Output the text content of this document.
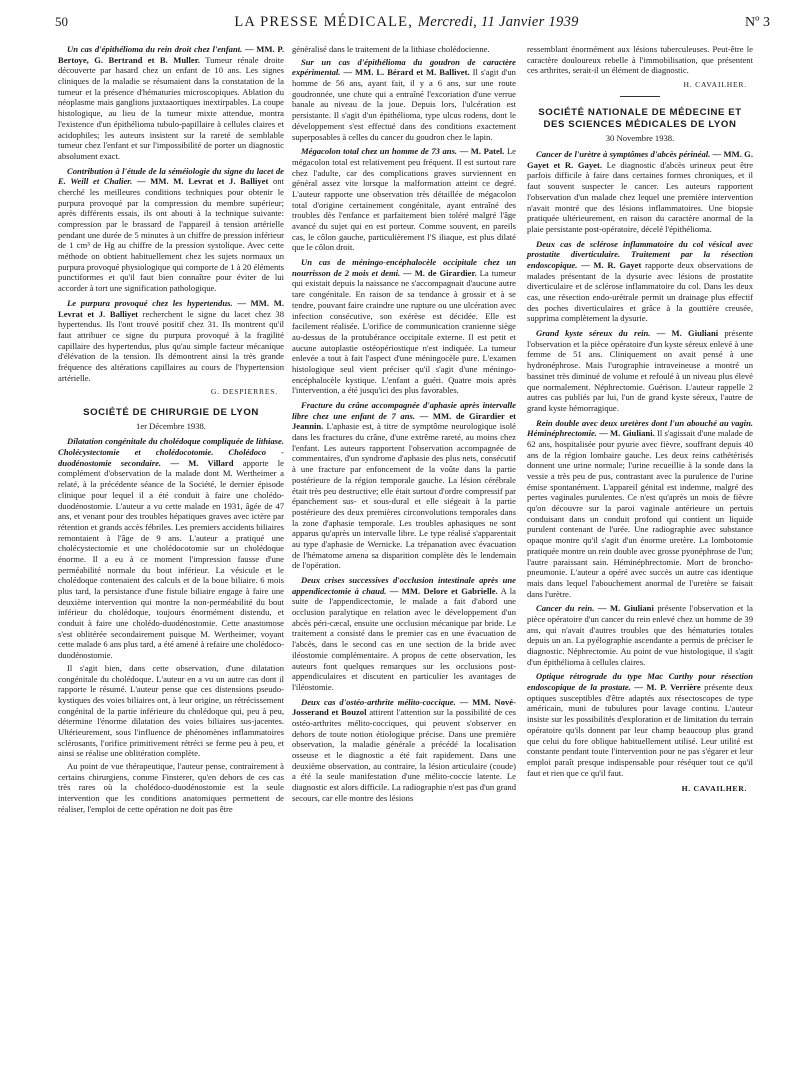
50	LA PRESSE MÉDICALE, Mercredi, 11 Janvier 1939	Nº 3

Un cas d'épithélioma du rein droit chez l'enfant. — MM. P. Bertoye, G. Bertrand et B. Muller. Tumeur rénale droite découverte par hasard chez un enfant de 10 ans. Les signes cliniques de la maladie se résumaient dans la constatation de la tumeur et la présence d'hématuries microscopiques. Ablation du néoplasme mais ganglions juxtaaortiques inextirpables. La coupe histologique, au lieu de la tumeur mixte attendue, montra l'existence d'un épithélioma tubulo-papillaire à cellules claires et acidophiles; les auteurs insistent sur la rareté de semblable tumeur chez l'enfant et sur l'impossibilité de porter un diagnostic absolument exact.

Contribution à l'étude de la séméiologie du signe du lacet de E. Weill et Chalier. — MM. M. Levrat et J. Balliyet ont cherché les meilleures conditions techniques pour obtenir le purpura provoqué par la compression du membre supérieur; après différents essais, ils ont abouti à la technique suivante: compression par le brassard de l'appareil à tension artérielle pendant une durée de 5 minutes à un chiffre de pression inférieur de 1 cm³ de Hg au chiffre de la pression systolique. Avec cette méthode on obtient habituellement chez les sujets normaux un purpura provoqué physiologique qui comporte de 1 à 20 éléments punctiformes et qu'il faut bien connaître pour éviter de lui accorder à tort une signification pathologique.

Le purpura provoqué chez les hypertendus. — MM. M. Levrat et J. Balliyet recherchent le signe du lacet chez 38 hypertendus. Ils l'ont trouvé positif chez 31. Ils montrent qu'il faut attribuer ce signe du purpura provoqué à la fragilité capillaire des hypertendus, plus qu'au simple facteur mécanique d'élévation de la tension. Ils démontrent ainsi la très grande fréquence des altérations capillaires au cours de l'hypertension artérielle.

G. DESPIERRES.
SOCIÉTÉ DE CHIRURGIE DE LYON
1er Décembre 1938.

Dilatation congénitale du cholédoque compliquée de lithiase. Cholécystectomie et cholédocotomie. Cholédoco - duodénostomie secondaire. — M. Villard apporte le complément d'observation de la malade dont M. Wertheimer a relaté, à la précédente séance de la Société, le dernier épisode clinique pour lequel il a été conduit à faire une cholédo-duodénostomie. L'auteur a vu cette malade en 1931, âgée de 47 ans, et venant pour des troubles hépatiques graves avec ictère par rétention et grands accès fébriles. Les premiers accidents biliaires remontaient à l'âge de 9 ans. L'auteur a pratiqué une cholécystectomie et une cholédocotomie sur un cholédoque énorme. Il a eu à ce moment l'impression fausse d'une perméabilité normale du bout inférieur. La vésicule et le cholédoque contenaient des calculs et de la boue biliaire. 6 mois plus tard, la persistance d'une fistule biliaire engage à faire une deuxième intervention qui montre la non-perméabilité du bout inférieur du cholédoque, toujours énormément distendu, et conduit à faire une cholédo-duodénostomie. Cette anastomose s'est oblitérée secondairement puisque M. Wertheimer, voyant cette malade 6 ans plus tard, a été amené à refaire une cholédoco-duodénostomie.

Il s'agit bien, dans cette observation, d'une dilatation congénitale du cholédoque. L'auteur en a vu un autre cas dont il rapporte le résumé. L'auteur pense que ces distensions pseudo-kystiques des voies biliaires ont, à leur origine, un rétrécissement congénital de la partie inférieure du cholédoque qui, peu à peu, détermine l'énorme dilatation des voies biliaires sus-jacentes. Ultérieurement, sous l'influence de phénomènes inflammatoires sclérosants, l'orifice primitivement rétréci se ferme peu à peu, et ainsi se réalise une oblitération complète.

Au point de vue thérapeutique, l'auteur pense, contrairement à certains chirurgiens, comme Finsterer, qu'en dehors de ces cas très rares où la cholédoco-duodénostomie est la seule intervention que les conditions anatomiques permettent de réaliser, l'emploi de cette opération ne doit pas être

généralisé dans le traitement de la lithiase cholédocienne.

Sur un cas d'épithélioma du goudron de caractère expérimental. — MM. L. Bérard et M. Ballivet. Il s'agit d'un homme de 56 ans, ayant fait, il y a 6 ans, sur une route goudronnée, une chute qui a entraîné l'excoriation d'une verrue banale au niveau de la joue. Depuis lors, l'ulcération est persistante. Il s'agit d'un épithélioma, type ulcus rodens, dont le développement s'est effectué dans des conditions exactement superposables à celles du cancer du goudron chez le lapin.

Mégacolon total chez un homme de 73 ans. — M. Patel. Le mégacolon total est relativement peu fréquent. Il est surtout rare chez l'adulte, car des complications graves surviennent en général assez vite lorsque la malformation atteint ce degré. L'auteur rapporte une observation très détaillée de mégacolon total d'origine certainement congénitale, ayant entraîné des troubles dès l'enfance et parfaitement bien toléré malgré l'âge avancé du sujet qui en est porteur. Comme souvent, en pareils cas, le côlon gauche, particulièrement l'S iliaque, est plus dilaté que le côlon droit.

Un cas de méningo-encéphalocèle occipitale chez un nourrisson de 2 mois et demi. — M. de Girardier. La tumeur qui existait depuis la naissance ne s'accompagnait d'aucune autre tare congénitale. En raison de sa tendance à grossir et à se tendre, pouvant faire craindre une rupture ou une ulcération avec infection consécutive, son exérèse est décidée. Elle est facilement réalisée. L'orifice de communication cranienne siège au-dessus de la protubérance occipitale externe. Il est petit et aucune autoplastie ostéopériostique n'est indiquée. La tumeur enlevée a tout à fait l'aspect d'une méningocèle pure. L'examen histologique seul vient préciser qu'il s'agit d'une méningo-encéphalocèle kystique. L'enfant a guéri. Quatre mois après l'intervention, a été jusqu'ici des plus favorables.

Fracture du crâne accompagnée d'aphasie après intervalle libre chez une enfant de 7 ans. — MM. de Girardier et Jeannin. L'aphasie est, à titre de symptôme neurologique isolé dans les fractures du crâne, d'une extrême rareté, au moins chez l'enfant. Les auteurs rapportent l'observation accompagnée de commentaires, d'un syndrome d'aphasie des plus nets, consécutif à une fracture par enfoncement de la voûte dans la partie postérieure de la région temporale gauche. La lésion cérébrale était très peu destructive; elle était surtout d'ordre compressif par épanchement sus- et sous-dural et elle siégeait à la partie postérieure des deux premières circonvolutions temporales dans la zone d'aphasie temporale. Les troubles aphasiques ne sont apparus qu'après un intervalle libre. Le type réalisé s'apparentait au type d'aphasie de Wernicke. La trépanation avec évacuation de l'hématome amena sa disparition complète dès le lendemain de l'opération.

Deux crises successives d'occlusion intestinale après une appendicectomie à chaud. — MM. Delore et Gabrielle. A la suite de l'appendicectomie, le malade a fait d'abord une occlusion paralytique en relation avec le développement d'un abcès péri-cæcal, ensuite une occlusion mécanique par bride. Le traitement a consisté dans le premier cas en une évacuation de l'abcès, dans le second cas en une section de la bride avec iléostomie complémentaire. A propos de cette observation, les auteurs font quelques remarques sur les occlusions post-appendiculaires et discutent en particulier les avantages de l'iléostomie.

Deux cas d'ostéo-arthrite mélito-coccique. — MM. Nové-Josserand et Bouzol attirent l'attention sur la possibilité de ces ostéo-arthrites mélito-cocciques, qui peuvent s'observer en dehors de toute notion étiologique précise. Dans une première observation, la maladie générale a précédé la localisation osseuse et le diagnostic a été fait rapidement. Dans une deuxième observation, au contraire, la lésion articulaire (coude) a été la seule manifestation d'une mélito-coccie latente. Le diagnostic est alors difficile. La radiographie n'est pas d'un grand secours, car elle montre des lésions

ressemblant énormément aux lésions tuberculeuses. Peut-être le caractère douloureux rebelle à l'immobilisation, que présentent ces arthrites, serait-il un élément de diagnostic.

H. CAVAILHER.
SOCIÉTÉ NATIONALE DE MÉDECINE ET DES SCIENCES MÉDICALES DE LYON
30 Novembre 1938.

Cancer de l'urètre à symptômes d'abcès périnéal. — MM. G. Gayet et R. Gayet. Le diagnostic d'abcès urineux peut être parfois difficile à faire dans certaines formes chroniques, et il faut souvent suspecter le cancer. Les auteurs rapportent l'observation d'un malade chez lequel une première intervention n'avait montré que des lésions inflammatoires. Une biopsie pratiquée ultérieurement, en raison du caractère anormal de la plaie persistante post-opératoire, décelé l'épithélioma.

Deux cas de sclérose inflammatoire du col vésical avec prostatite diverticulaire. Traitement par la résection endoscopique. — M. R. Gayet rapporte deux observations de malades présentant de la dysurie avec lésions de prostatite diverticulaire et de sclérose inflammatoire du col. Dans les deux cas, une résection endo-urétrale permit un drainage plus effectif des poches diverticulaires et grâce à la gouttière creusée, supprima complètement la dysurie.

Grand kyste séreux du rein. — M. Giuliani présente l'observation et la pièce opératoire d'un kyste séreux enlevé à une femme de 51 ans. Cliniquement on avait pensé à une hydronéphrose. Mais l'urographie intraveineuse a montré un bassinet très diminué de volume et refoulé à un niveau plus élevé que normalement. Néphrectomie. Guérison. L'auteur rappelle 2 autres cas publiés par lui, l'un de grand kyste séreux, l'autre de grand kyste hémorragique.

Rein double avec deux uretères dont l'un abouché au vagin. Héminéphrectomie. — M. Giuliani. Il s'agissait d'une malade de 62 ans, hospitalisée pour pyurie avec fièvre, souffrant depuis 40 ans de la région lombaire gauche. Les deux reins cathétérisés donnent une urine normale; l'urine recueillie à la sonde dans la vessie a très peu de pus, contrastant avec la purulence de l'urine émise spontanément. L'appareil génital est indemne, malgré des pertes vaginales purulentes. Ce n'est qu'après un mois de fièvre qu'on découvre sur la paroi vaginale antérieure un pertuis conduisant dans un conduit profond qui contient un liquide purulent contenant de l'urée. Une radiographie avec substance opaque montre qu'il s'agit d'un énorme uretère. La lombotomie pratiquée montre un rein double avec grosse pyonéphrose de l'un; l'autre paraissant sain. Héminéphrectomie. Mort de broncho-pneumonie. L'auteur a opéré avec succès un autre cas identique mais dans lequel l'abouchement anormal de l'uretère se faisait dans l'urètre.

Cancer du rein. — M. Giuliani présente l'observation et la pièce opératoire d'un cancer du rein enlevé chez un homme de 39 ans, qui n'avait d'autres troubles que des hématuries totales depuis un an. La pyélographie ascendante a permis de préciser le diagnostic. Néphrectomie. Au point de vue histologique, il s'agit d'un épithélioma à cellules claires.

Optique rétrograde du type Mac Carthy pour résection endoscopique de la prostate. — M. P. Verrière présente deux optiques susceptibles d'être adaptés aux résectoscopes de type américain, muni de tubulures pour lavage continu. L'auteur insiste sur les possibilités d'exploration et de limitation du terrain opératoire qu'ils donnent par leur champ beaucoup plus grand que celui du fore oblique habituellement utilisé. Leur utilité est constante pendant toute l'intervention pour ne pas s'égarer et leur emploi paraît presque indispensable pour réséquer tout ce qu'il faut et rien que ce qu'il faut.

H. CAVAILHER.
